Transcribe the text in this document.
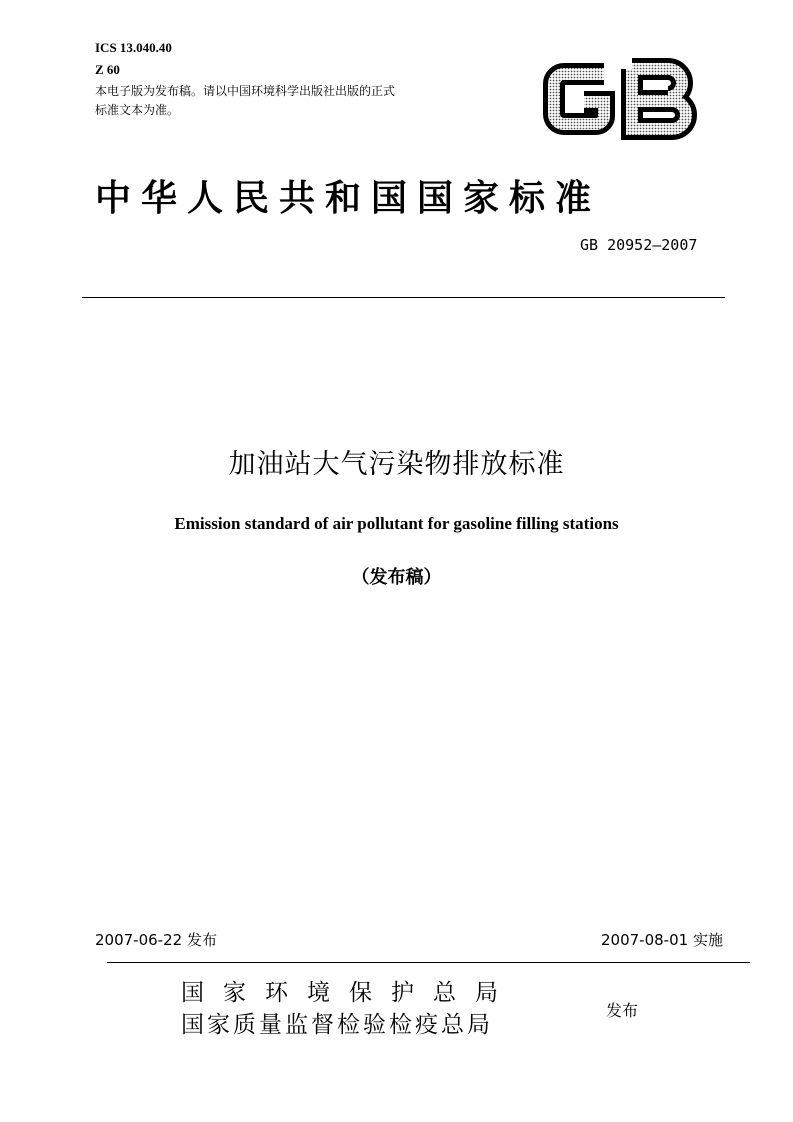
ICS 13.040.40
Z 60
本电子版为发布稿。请以中国环境科学出版社出版的正式标准文本为准。
中华人民共和国国家标准
GB 20952—2007
加油站大气污染物排放标准
Emission standard of air pollutant for gasoline filling stations
（发布稿）
2007-06-22 发布	2007-08-01 实施
国家环境保护总局
国家质量监督检验检疫总局
发布
